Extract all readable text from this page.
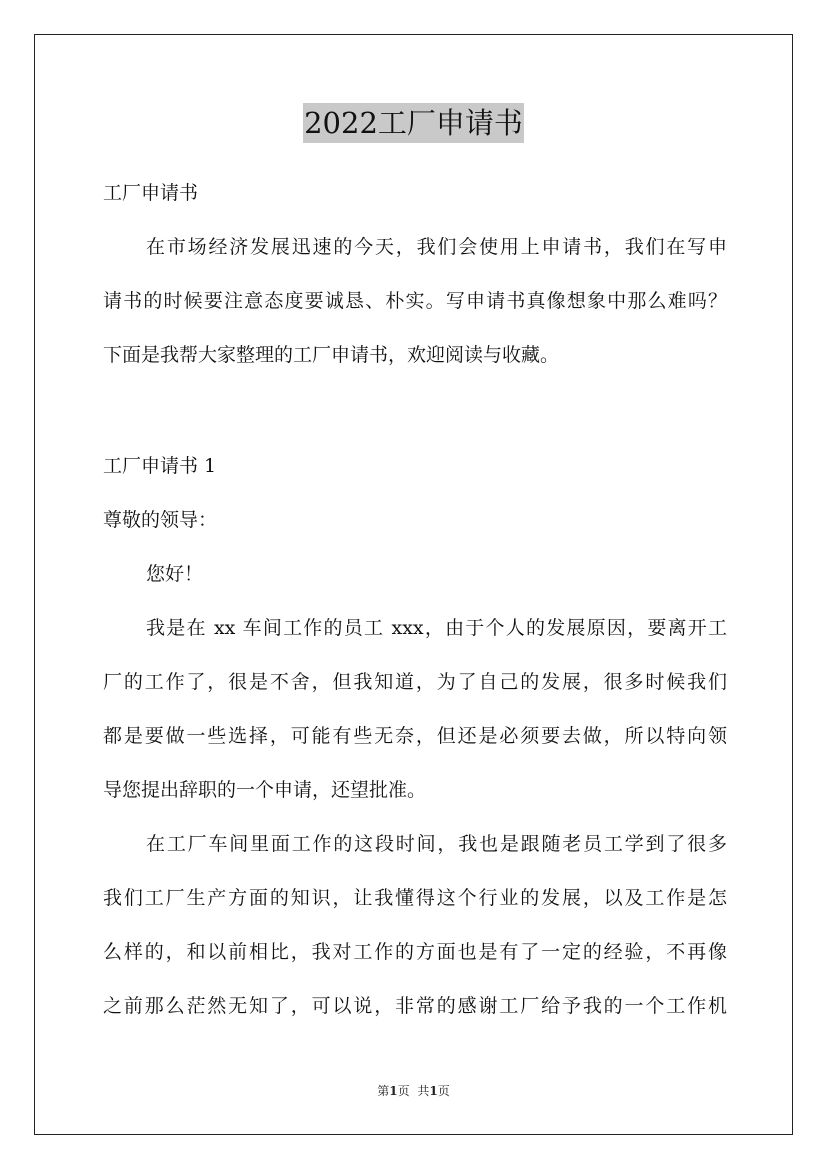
2022工厂申请书
工厂申请书
在市场经济发展迅速的今天，我们会使用上申请书，我们在写申
请书的时候要注意态度要诚恳、朴实。写申请书真像想象中那么难吗？
下面是我帮大家整理的工厂申请书，欢迎阅读与收藏。
工厂申请书 1
尊敬的领导：
您好！
我是在 xx 车间工作的员工 xxx，由于个人的发展原因，要离开工
厂的工作了，很是不舍，但我知道，为了自己的发展，很多时候我们
都是要做一些选择，可能有些无奈，但还是必须要去做，所以特向领
导您提出辞职的一个申请，还望批准。
在工厂车间里面工作的这段时间，我也是跟随老员工学到了很多
我们工厂生产方面的知识，让我懂得这个行业的发展，以及工作是怎
么样的，和以前相比，我对工作的方面也是有了一定的经验，不再像
之前那么茫然无知了，可以说，非常的感谢工厂给予我的一个工作机
第1页 共1页
